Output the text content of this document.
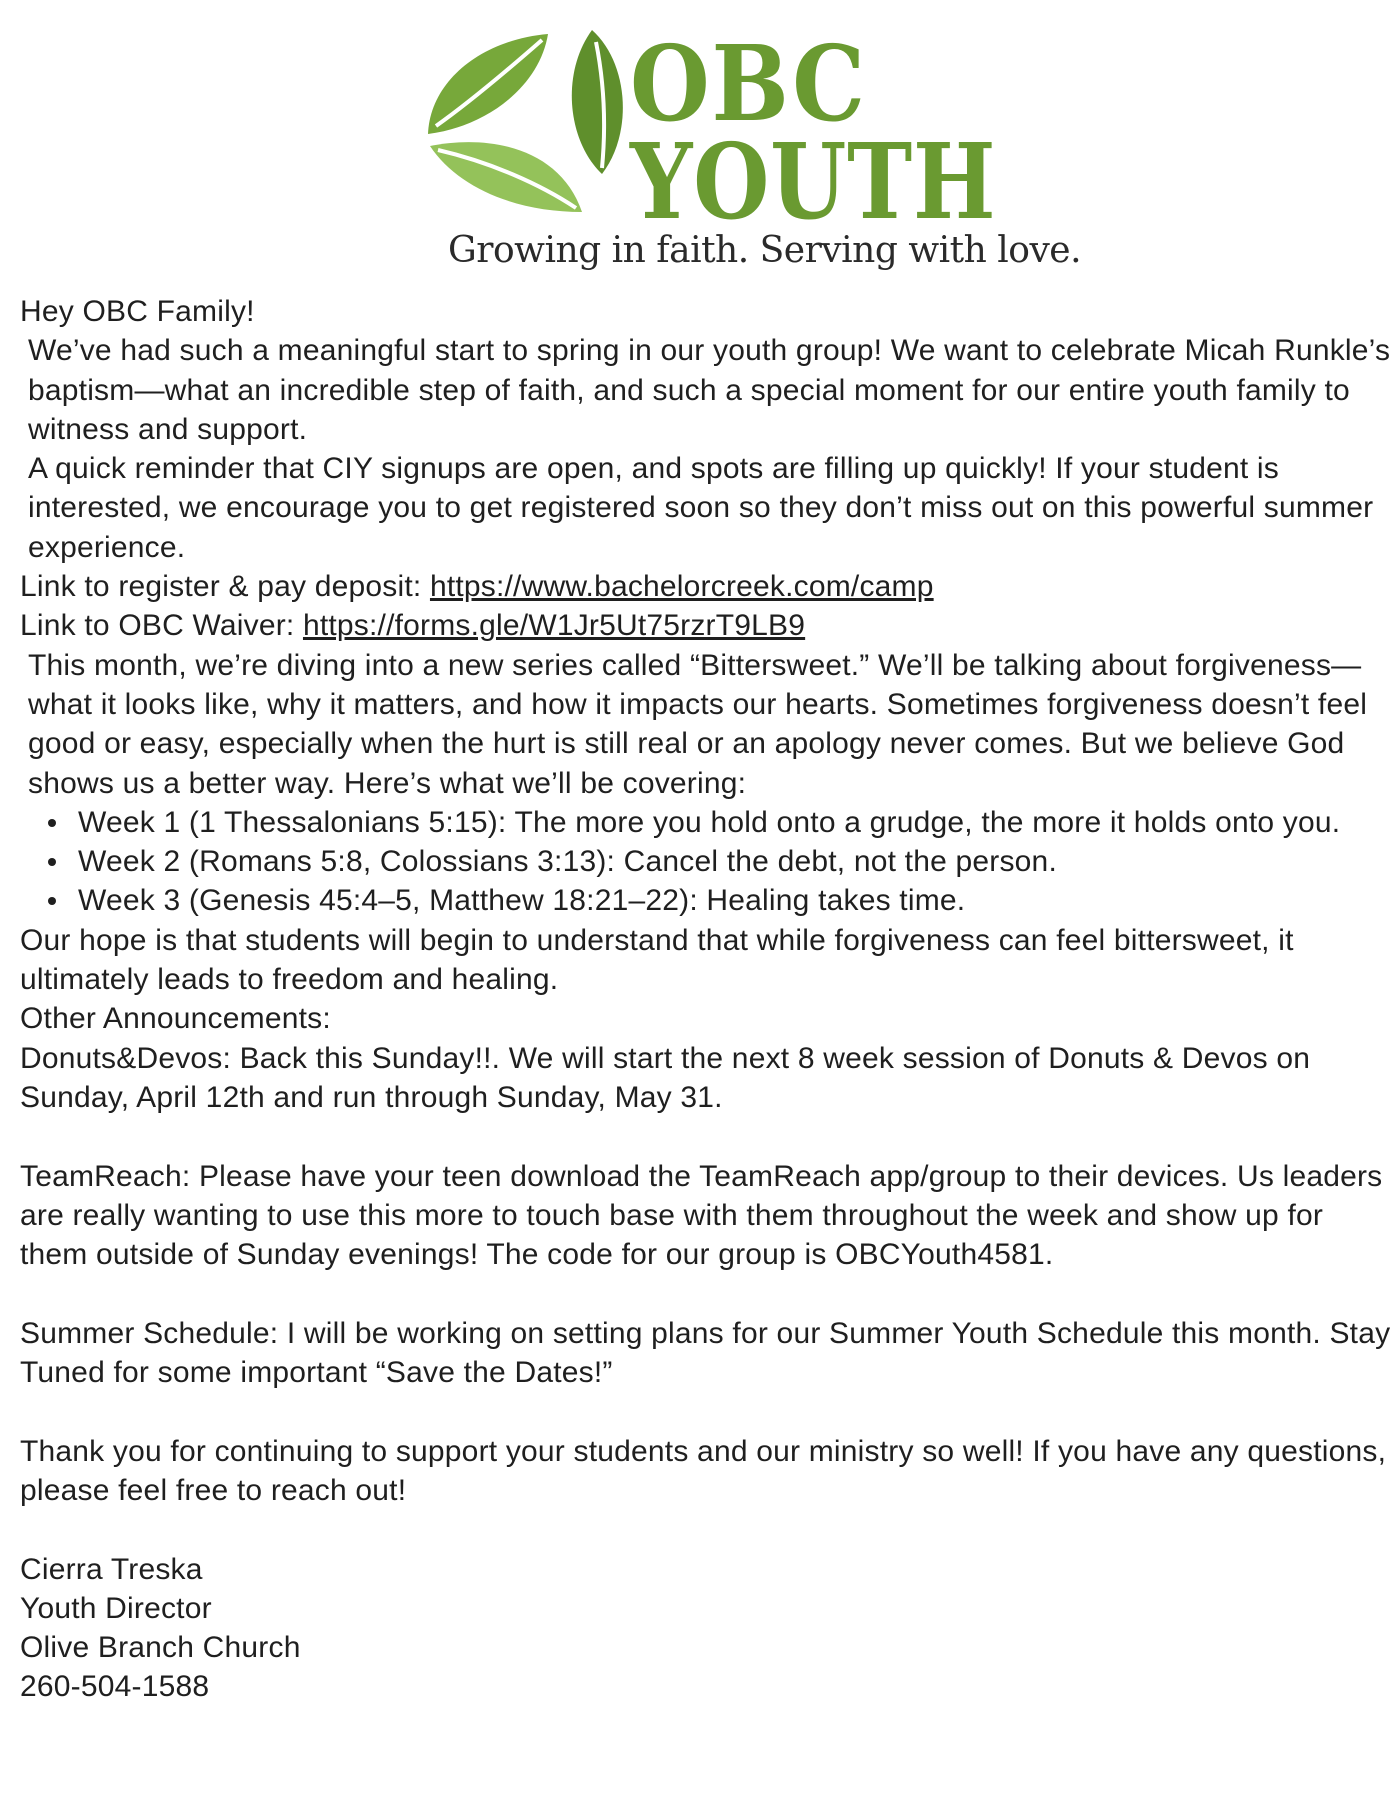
OBC
YOUTH
Growing in faith. Serving with love.

Hey OBC Family!

We’ve had such a meaningful start to spring in our youth group! We want to celebrate Micah Runkle’s baptism—what an incredible step of faith, and such a special moment for our entire youth family to witness and support.

A quick reminder that CIY signups are open, and spots are filling up quickly! If your student is interested, we encourage you to get registered soon so they don’t miss out on this powerful summer experience.

Link to register & pay deposit: https://www.bachelorcreek.com/camp

Link to OBC Waiver: https://forms.gle/W1Jr5Ut75rzrT9LB9

This month, we’re diving into a new series called “Bittersweet.” We’ll be talking about forgiveness—what it looks like, why it matters, and how it impacts our hearts. Sometimes forgiveness doesn’t feel good or easy, especially when the hurt is still real or an apology never comes. But we believe God shows us a better way. Here’s what we’ll be covering:

Week 1 (1 Thessalonians 5:15): The more you hold onto a grudge, the more it holds onto you.
Week 2 (Romans 5:8, Colossians 3:13): Cancel the debt, not the person.
Week 3 (Genesis 45:4–5, Matthew 18:21–22): Healing takes time.

Our hope is that students will begin to understand that while forgiveness can feel bittersweet, it ultimately leads to freedom and healing.

Other Announcements:

Donuts&Devos: Back this Sunday!!. We will start the next 8 week session of Donuts & Devos on Sunday, April 12th and run through Sunday, May 31.

TeamReach: Please have your teen download the TeamReach app/group to their devices. Us leaders are really wanting to use this more to touch base with them throughout the week and show up for them outside of Sunday evenings! The code for our group is OBCYouth4581.

Summer Schedule: I will be working on setting plans for our Summer Youth Schedule this month. Stay Tuned for some important “Save the Dates!”

Thank you for continuing to support your students and our ministry so well! If you have any questions, please feel free to reach out!

Cierra Treska

Youth Director

Olive Branch Church

260-504-1588
